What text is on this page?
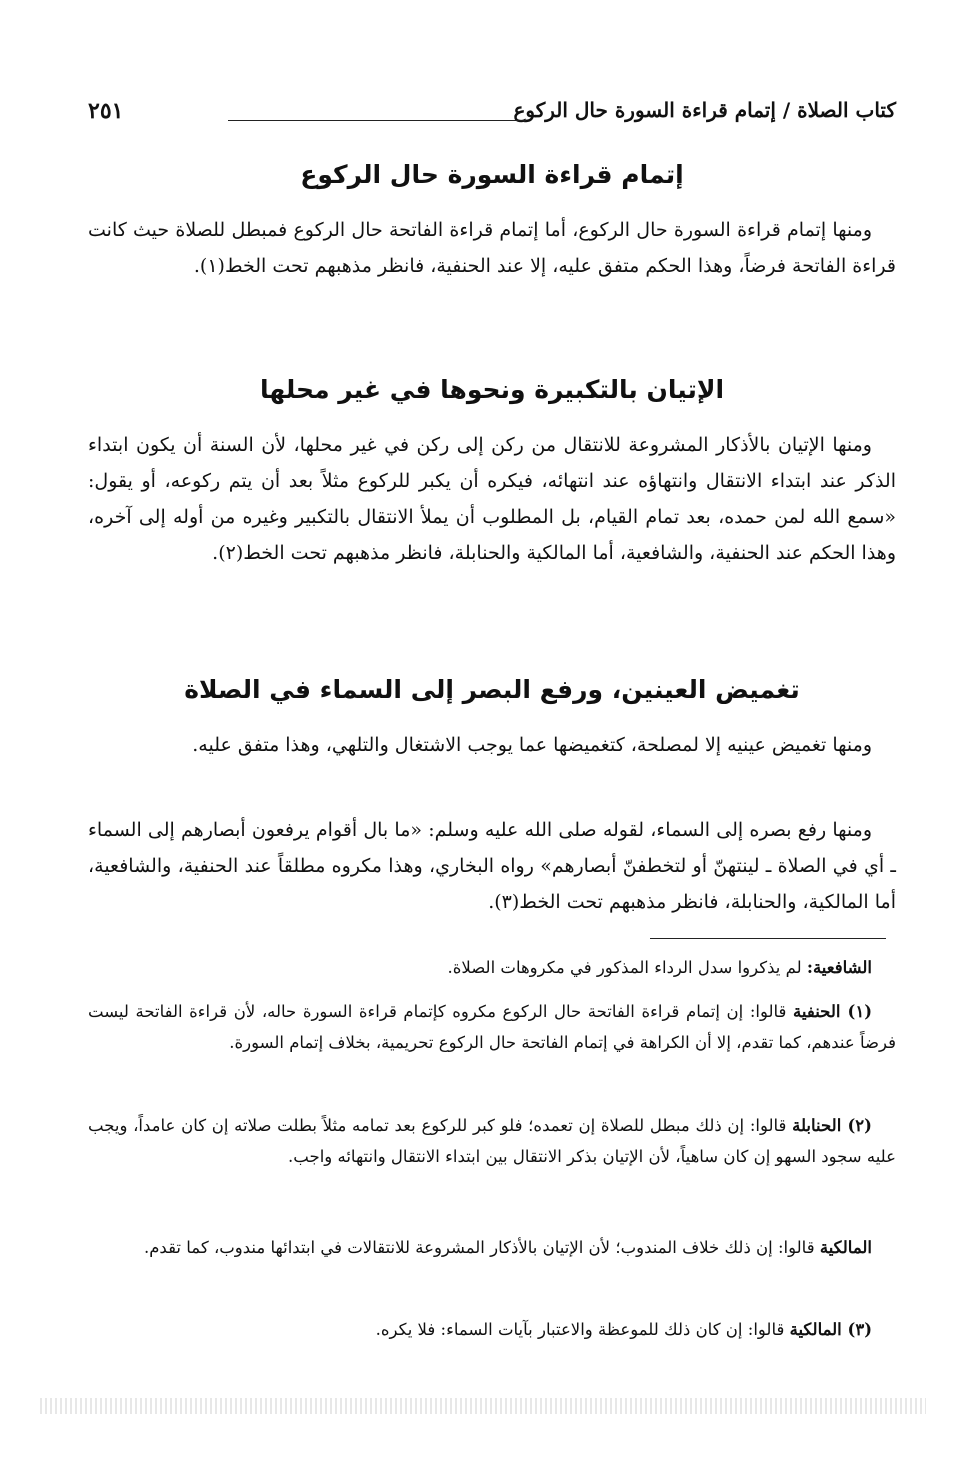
كتاب الصلاة / إتمام قراءة السورة حال الركوع
٢٥١
إتمام قراءة السورة حال الركوع

ومنها إتمام قراءة السورة حال الركوع، أما إتمام قراءة الفاتحة حال الركوع فمبطل للصلاة حيث كانت قراءة الفاتحة فرضاً، وهذا الحكم متفق عليه، إلا عند الحنفية، فانظر مذهبهم تحت الخط(١).

الإتيان بالتكبيرة ونحوها في غير محلها

ومنها الإتيان بالأذكار المشروعة للانتقال من ركن إلى ركن في غير محلها، لأن السنة أن يكون ابتداء الذكر عند ابتداء الانتقال وانتهاؤه عند انتهائه، فيكره أن يكبر للركوع مثلاً بعد أن يتم ركوعه، أو يقول: «سمع الله لمن حمده، بعد تمام القيام، بل المطلوب أن يملأ الانتقال بالتكبير وغيره من أوله إلى آخره، وهذا الحكم عند الحنفية، والشافعية، أما المالكية والحنابلة، فانظر مذهبهم تحت الخط(٢).

تغميض العينين، ورفع البصر إلى السماء في الصلاة

ومنها تغميض عينيه إلا لمصلحة، كتغميضها عما يوجب الاشتغال والتلهي، وهذا متفق عليه.

ومنها رفع بصره إلى السماء، لقوله صلى الله عليه وسلم: «ما بال أقوام يرفعون أبصارهم إلى السماء ـ أي في الصلاة ـ لينتهنّ أو لتخطفنّ أبصارهم» رواه البخاري، وهذا مكروه مطلقاً عند الحنفية، والشافعية، أما المالكية، والحنابلة، فانظر مذهبهم تحت الخط(٣).

الشافعية: لم يذكروا سدل الرداء المذكور في مكروهات الصلاة.

(١) الحنفية قالوا: إن إتمام قراءة الفاتحة حال الركوع مكروه كإتمام قراءة السورة حاله، لأن قراءة الفاتحة ليست فرضاً عندهم، كما تقدم، إلا أن الكراهة في إتمام الفاتحة حال الركوع تحريمية، بخلاف إتمام السورة.

(٢) الحنابلة قالوا: إن ذلك مبطل للصلاة إن تعمده؛ فلو كبر للركوع بعد تمامه مثلاً بطلت صلاته إن كان عامداً، ويجب عليه سجود السهو إن كان ساهياً، لأن الإتيان بذكر الانتقال بين ابتداء الانتقال وانتهائه واجب.

المالكية قالوا: إن ذلك خلاف المندوب؛ لأن الإتيان بالأذكار المشروعة للانتقالات في ابتدائها مندوب، كما تقدم.

(٣) المالكية قالوا: إن كان ذلك للموعظة والاعتبار بآيات السماء: فلا يكره.
